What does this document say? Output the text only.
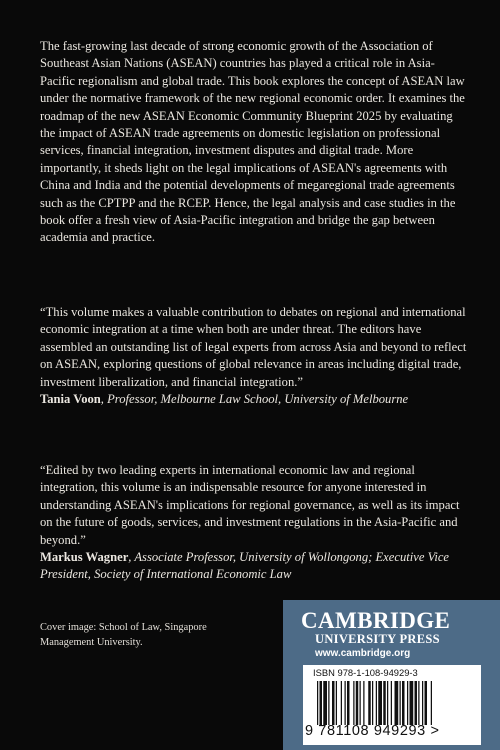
The fast-growing last decade of strong economic growth of the Association of Southeast Asian Nations (ASEAN) countries has played a critical role in Asia-Pacific regionalism and global trade. This book explores the concept of ASEAN law under the normative framework of the new regional economic order. It examines the roadmap of the new ASEAN Economic Community Blueprint 2025 by evaluating the impact of ASEAN trade agreements on domestic legislation on professional services, financial integration, investment disputes and digital trade. More importantly, it sheds light on the legal implications of ASEAN's agreements with China and India and the potential developments of megaregional trade agreements such as the CPTPP and the RCEP. Hence, the legal analysis and case studies in the book offer a fresh view of Asia-Pacific integration and bridge the gap between academia and practice.

“This volume makes a valuable contribution to debates on regional and international economic integration at a time when both are under threat. The editors have assembled an outstanding list of legal experts from across Asia and beyond to reflect on ASEAN, exploring questions of global relevance in areas including digital trade, investment liberalization, and financial integration.”
Tania Voon, Professor, Melbourne Law School, University of Melbourne
“Edited by two leading experts in international economic law and regional integration, this volume is an indispensable resource for anyone interested in understanding ASEAN's implications for regional governance, as well as its impact on the future of goods, services, and investment regulations in the Asia-Pacific and beyond.”
Markus Wagner, Associate Professor, University of Wollongong; Executive Vice President, Society of International Economic Law

Cover image: School of Law, Singapore Management University.

CAMBRIDGE
UNIVERSITY PRESS
www.cambridge.org
ISBN 978-1-108-94929-3
9 781108 949293 >
